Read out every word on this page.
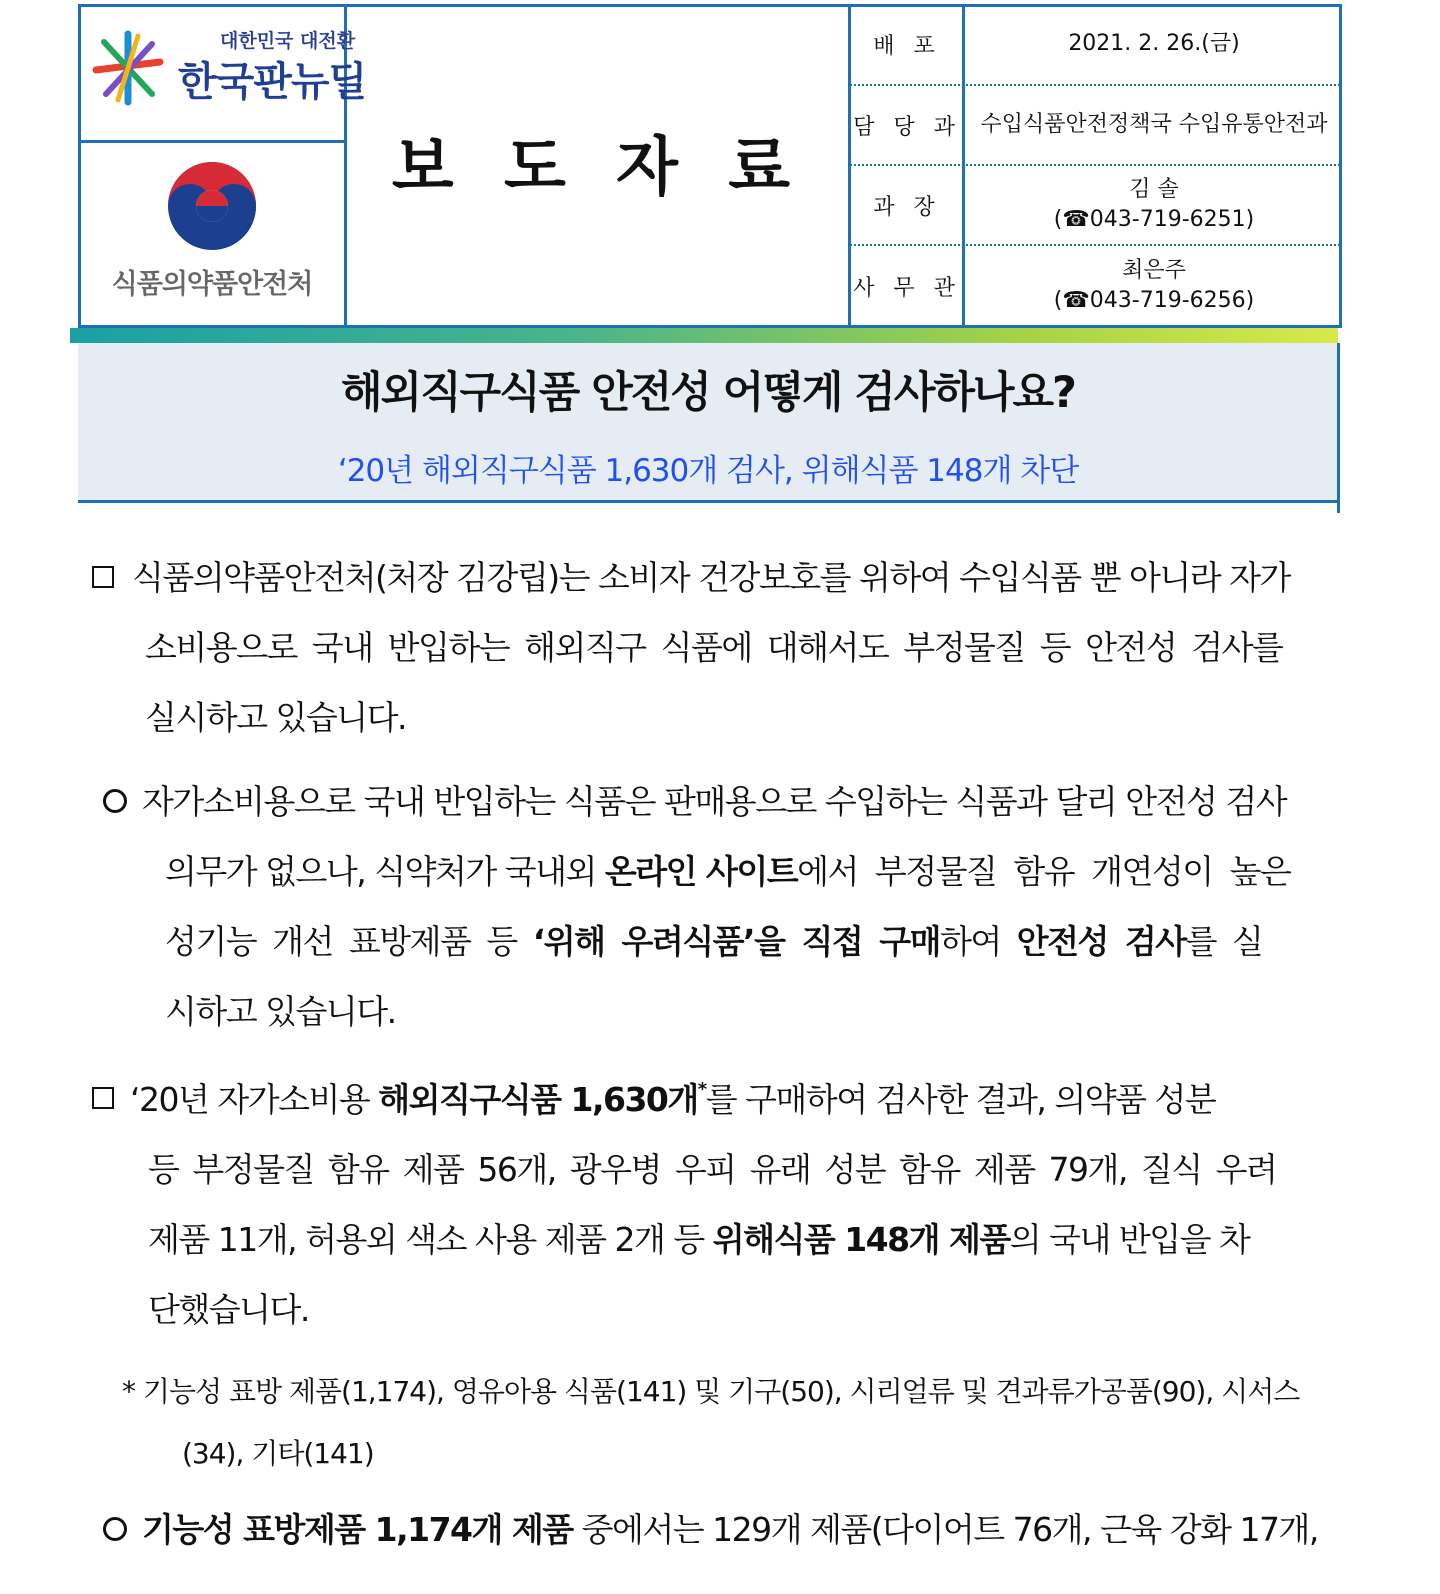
대한민국 대전환
한국판뉴딜
식품의약품안전처
보 도 자 료
배 포	2021. 2. 26.(금)
담 당 과 수입식품안전정책국 수입유통안전과
과 장
김 솔
(☎043-719-6251)
사 무 관
최은주
(☎043-719-6256)
해외직구식품 안전성 어떻게 검사하나요?
‘20년 해외직구식품 1,630개 검사, 위해식품 148개 차단
식품의약품안전처(처장 김강립)는 소비자 건강보호를 위하여 수입식품 뿐 아니라 자가
소비용으로 국내 반입하는 해외직구 식품에 대해서도 부정물질 등 안전성 검사를
실시하고 있습니다.
자가소비용으로 국내 반입하는 식품은 판매용으로 수입하는 식품과 달리 안전성 검사
의무가 없으나, 식약처가 국내외 온라인 사이트에서 부정물질 함유 개연성이 높은
성기능 개선 표방제품 등 ‘위해 우려식품’을 직접 구매하여 안전성 검사를 실
시하고 있습니다.
‘20년 자가소비용 해외직구식품 1,630개*를 구매하여 검사한 결과, 의약품 성분
등 부정물질 함유 제품 56개, 광우병 우피 유래 성분 함유 제품 79개, 질식 우려
제품 11개, 허용외 색소 사용 제품 2개 등 위해식품 148개 제품의 국내 반입을 차
단했습니다.
* 기능성 표방 제품(1,174), 영유아용 식품(141) 및 기구(50), 시리얼류 및 견과류가공품(90), 시서스
(34), 기타(141)
기능성 표방제품 1,174개 제품 중에서는 129개 제품(다이어트 76개, 근육 강화 17개,
